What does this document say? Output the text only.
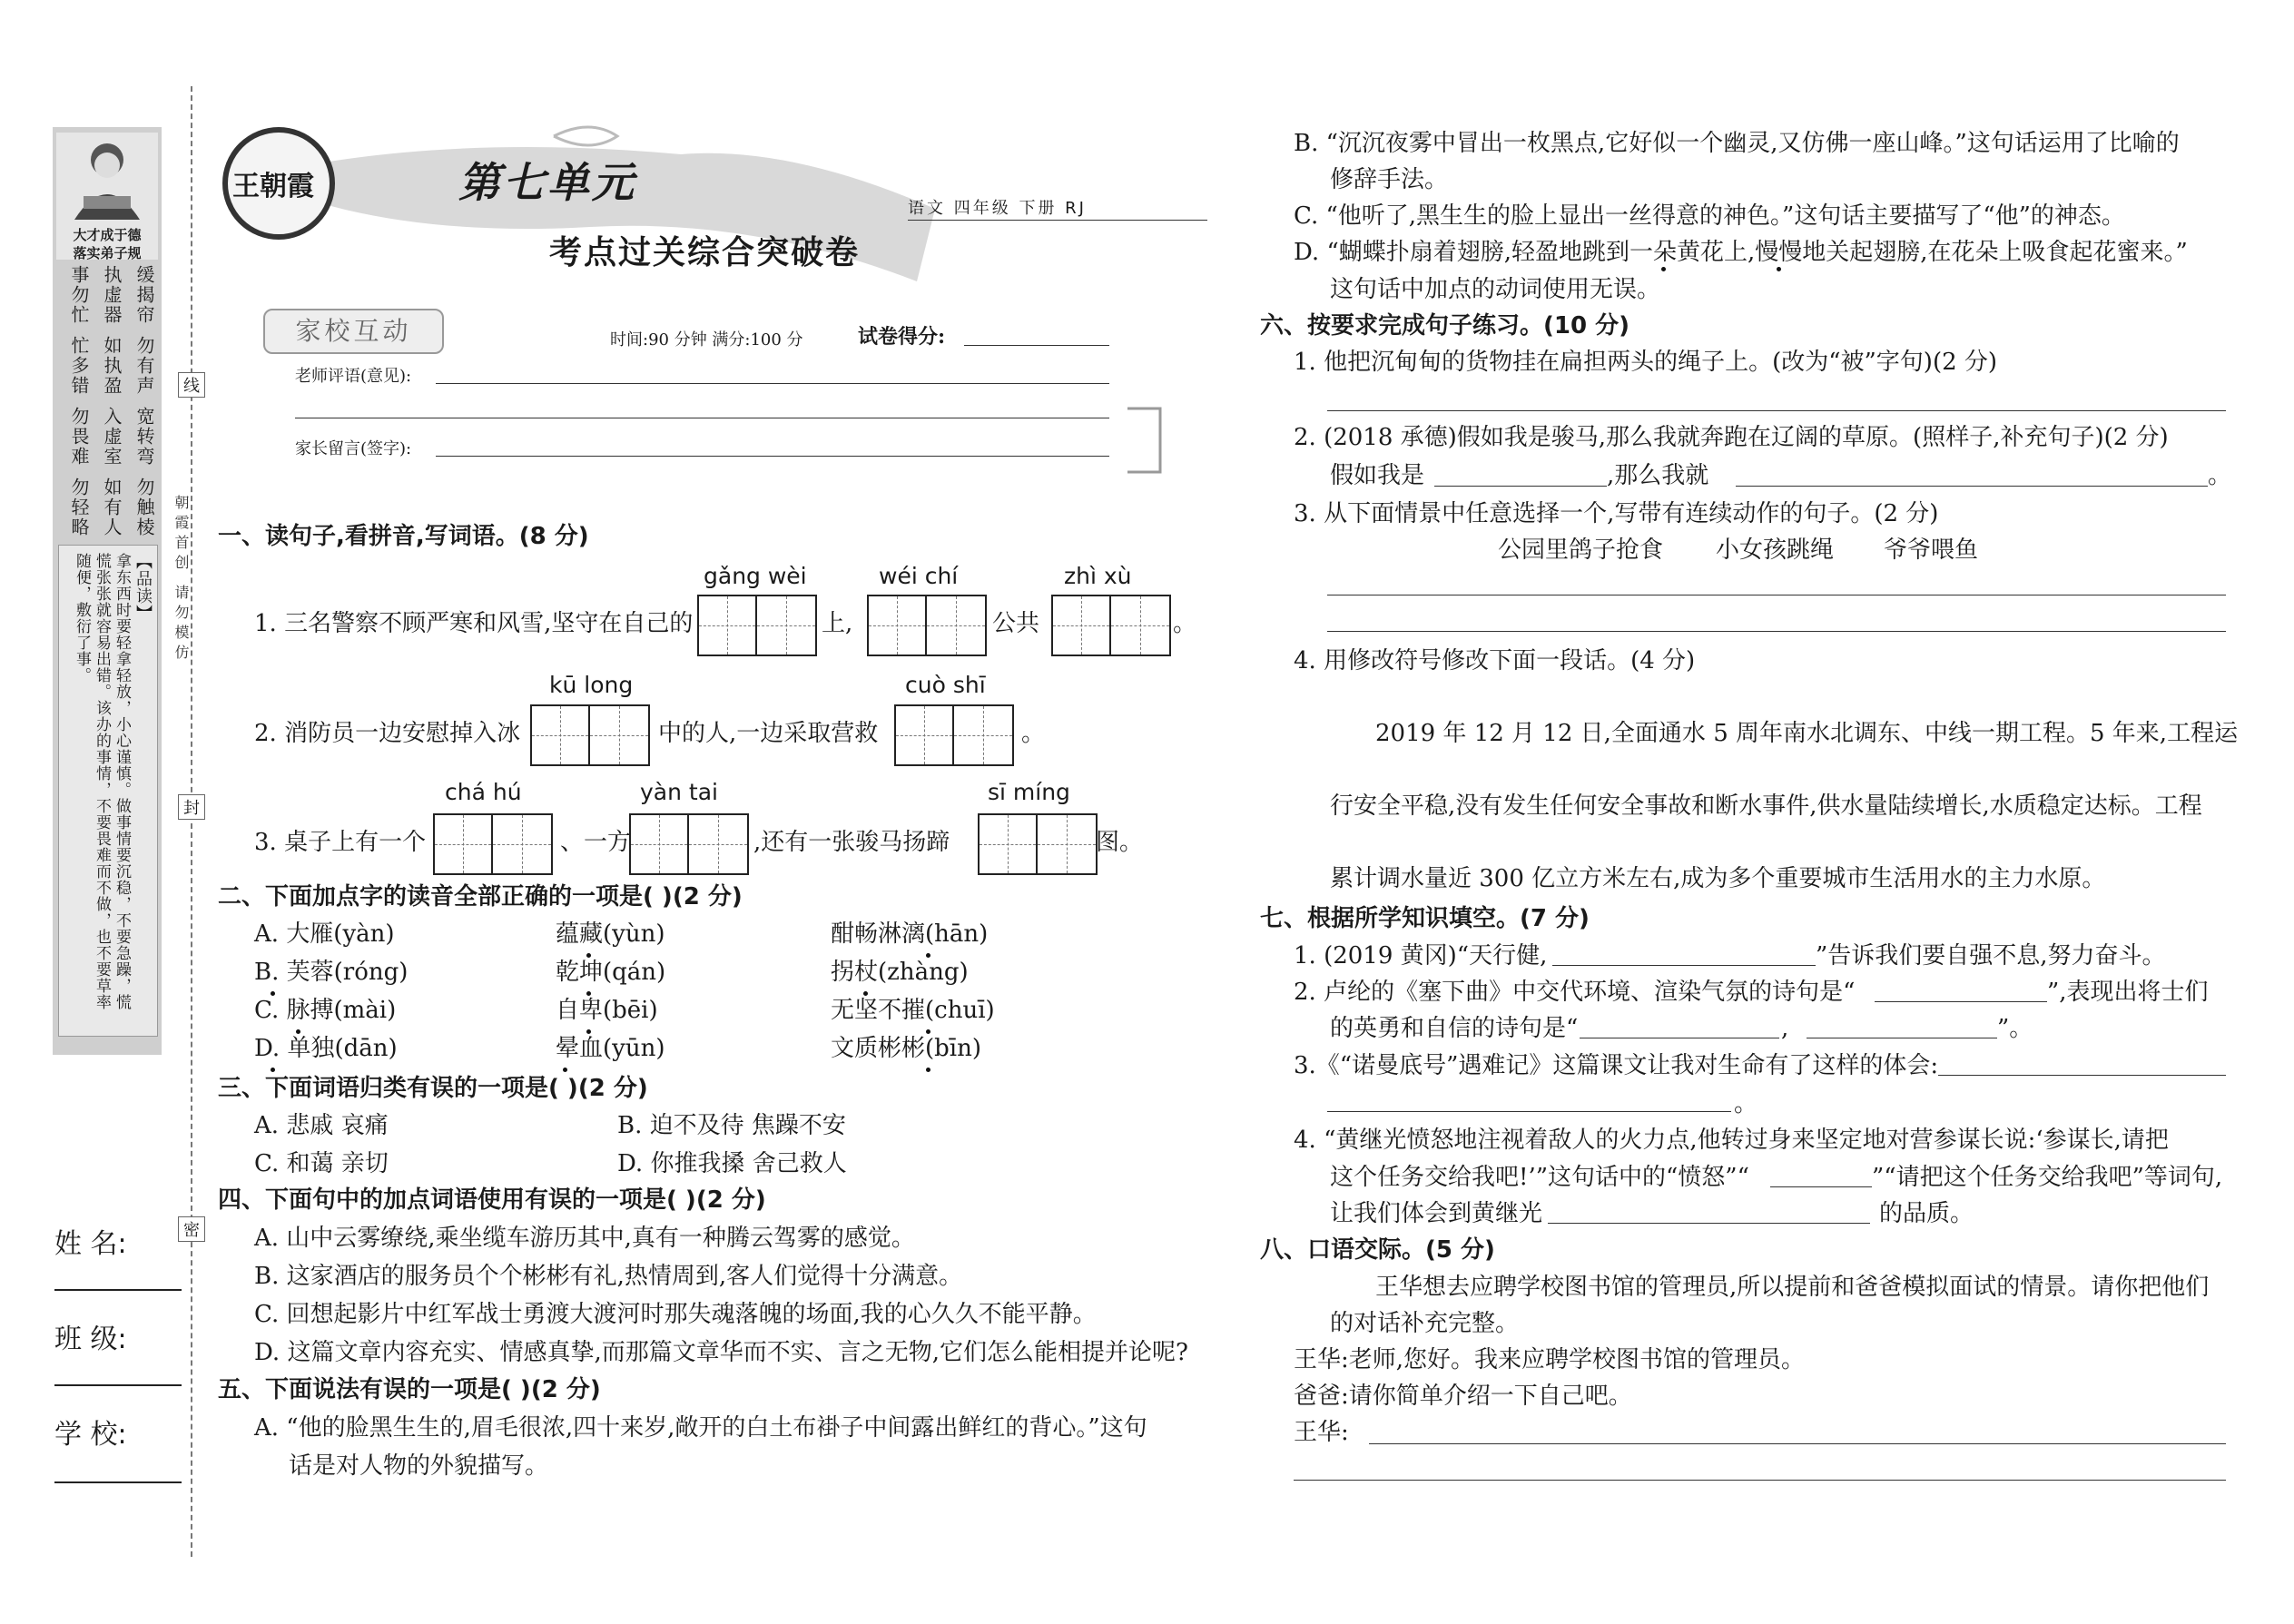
大才成于德
落实弟子规
缓揭帘
勿有声
宽转弯
勿触棱
执虚器
如执盈
入虚室
如有人
事勿忙
忙多错
勿畏难
勿轻略
【品读】
拿东西时要轻拿轻放，小心谨慎。做事情要沉稳，不要急躁，慌慌张张就容易出错。该办的事情，不要畏难而不做，也不要草率随便，敷衍了事。
线
封
密
朝霞首创 请勿模仿
姓 名:
班 级:
学 校:
王朝霞	第七单元
考点过关综合突破卷
语文 四年级 下册 RJ
家校互动	时间:90 分钟 满分:100 分	试卷得分:
老师评语(意见):
家长留言(签字):
一、读句子,看拼音,写词语。(8 分)
gǎng wèi	wéi chí	zhì xù
1. 三名警察不顾严寒和风雪,坚守在自己的	上,	公共	。
kū long	cuò shī
2. 消防员一边安慰掉入冰	中的人,一边采取营救	。
chá hú	yàn tai	sī míng
3. 桌子上有一个	、一方	,还有一张骏马扬蹄	图。
二、下面加点字的读音全部正确的一项是( )(2 分)
A. 大雁(yàn)	蕴藏(yùn)	酣畅淋漓(hān)
B. 芙蓉(róng)	乾坤(qán)	拐杖(zhàng)
C. 脉搏(mài)	自卑(bēi)	无坚不摧(chuī)
D. 单独(dān)	晕血(yūn)	文质彬彬(bīn)
三、下面词语归类有误的一项是( )(2 分)
A. 悲戚 哀痛	B. 迫不及待 焦躁不安
C. 和蔼 亲切	D. 你推我搡 舍己救人
四、下面句中的加点词语使用有误的一项是( )(2 分)
A. 山中云雾缭绕,乘坐缆车游历其中,真有一种腾云驾雾的感觉。
B. 这家酒店的服务员个个彬彬有礼,热情周到,客人们觉得十分满意。
C. 回想起影片中红军战士勇渡大渡河时那失魂落魄的场面,我的心久久不能平静。
D. 这篇文章内容充实、情感真挚,而那篇文章华而不实、言之无物,它们怎么能相提并论呢?
五、下面说法有误的一项是( )(2 分)
A. “他的脸黑生生的,眉毛很浓,四十来岁,敞开的白土布褂子中间露出鲜红的背心。”这句
话是对人物的外貌描写。
B. “沉沉夜雾中冒出一枚黑点,它好似一个幽灵,又仿佛一座山峰。”这句话运用了比喻的
修辞手法。
C. “他听了,黑生生的脸上显出一丝得意的神色。”这句话主要描写了“他”的神态。
D. “蝴蝶扑扇着翅膀,轻盈地跳到一朵黄花上,慢慢地关起翅膀,在花朵上吸食起花蜜来。”
这句话中加点的动词使用无误。
六、按要求完成句子练习。(10 分)
1. 他把沉甸甸的货物挂在扁担两头的绳子上。(改为“被”字句)(2 分)
2. (2018 承德)假如我是骏马,那么我就奔跑在辽阔的草原。(照样子,补充句子)(2 分)
假如我是	,那么我就	。
3. 从下面情景中任意选择一个,写带有连续动作的句子。(2 分)
公园里鸽子抢食 小女孩跳绳 爷爷喂鱼
4. 用修改符号修改下面一段话。(4 分)
2019 年 12 月 12 日,全面通水 5 周年南水北调东、中线一期工程。5 年来,工程运
行安全平稳,没有发生任何安全事故和断水事件,供水量陆续增长,水质稳定达标。工程
累计调水量近 300 亿立方米左右,成为多个重要城市生活用水的主力水原。
七、根据所学知识填空。(7 分)
1. (2019 黄冈)“天行健,	”告诉我们要自强不息,努力奋斗。
2. 卢纶的《塞下曲》中交代环境、渲染气氛的诗句是“	”,表现出将士们
的英勇和自信的诗句是“	,	”。
3.《“诺曼底号”遇难记》这篇课文让我对生命有了这样的体会:
。
4. “黄继光愤怒地注视着敌人的火力点,他转过身来坚定地对营参谋长说:‘参谋长,请把
这个任务交给我吧!’”这句话中的“愤怒”“	”“请把这个任务交给我吧”等词句,
让我们体会到黄继光	的品质。
八、口语交际。(5 分)
王华想去应聘学校图书馆的管理员,所以提前和爸爸模拟面试的情景。请你把他们
的对话补充完整。
王华:老师,您好。我来应聘学校图书馆的管理员。
爸爸:请你简单介绍一下自己吧。
王华:
